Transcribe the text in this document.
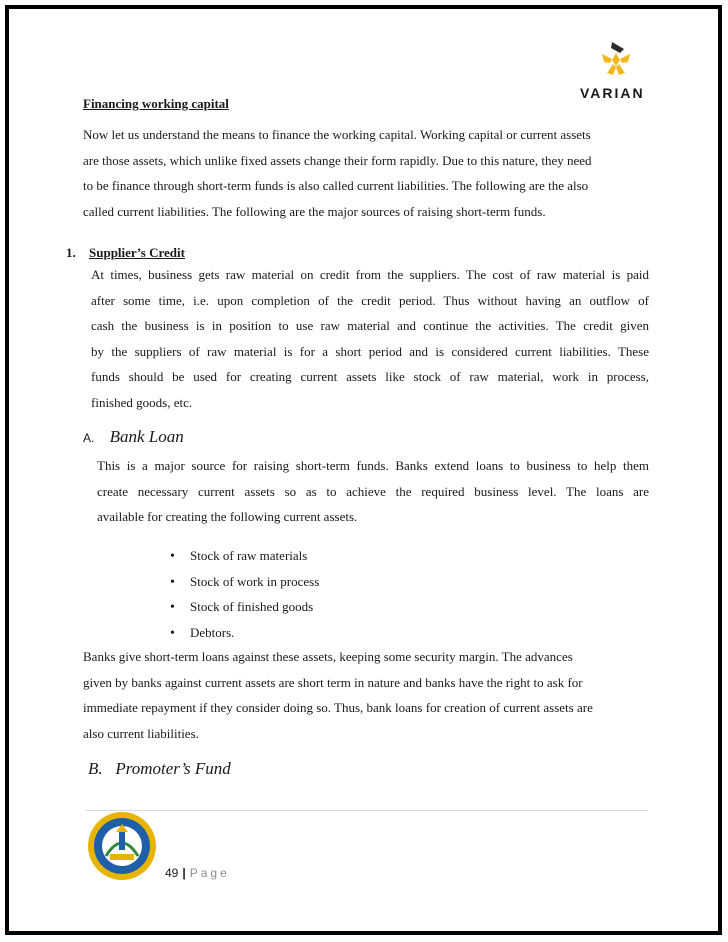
VARIAN
Financing working capital
Now let us understand the means to finance the working capital. Working capital or current assets
are those assets, which unlike fixed assets change their form rapidly. Due to this nature, they need
to be finance through short-term funds is also called current liabilities. The following are the also
called current liabilities. The following are the major sources of raising short-term funds.
1. Supplier’s Credit
At times, business gets raw material on credit from the suppliers. The cost of raw material is paid
after some time, i.e. upon completion of the credit period. Thus without having an outflow of
cash the business is in position to use raw material and continue the activities. The credit given
by the suppliers of raw material is for a short period and is considered current liabilities. These
funds should be used for creating current assets like stock of raw material, work in process,
finished goods, etc.
A. Bank Loan
This is a major source for raising short-term funds. Banks extend loans to business to help them
create necessary current assets so as to achieve the required business level. The loans are
available for creating the following current assets.
• Stock of raw materials
• Stock of work in process
• Stock of finished goods
• Debtors.
Banks give short-term loans against these assets, keeping some security margin. The advances
given by banks against current assets are short term in nature and banks have the right to ask for
immediate repayment if they consider doing so. Thus, bank loans for creation of current assets are
also current liabilities.
B.   Promoter’s Fund
49 | Page
